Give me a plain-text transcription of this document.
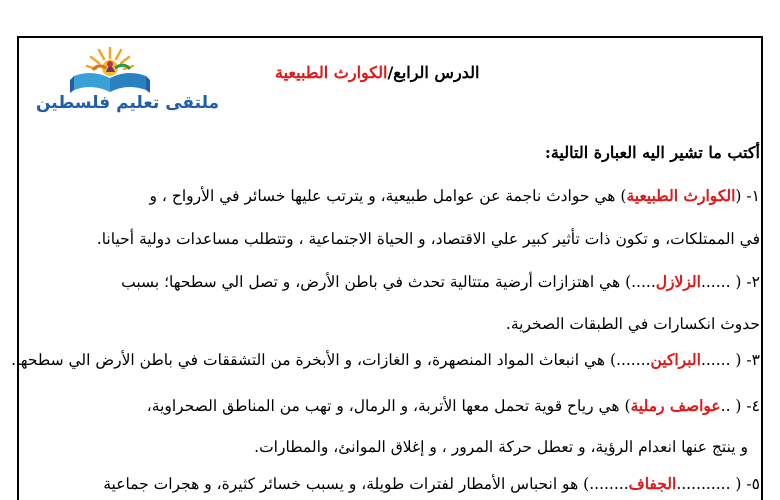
ملتقى تعليم فلسطين
الدرس الرابع/الكوارث الطبيعية
أكتب ما تشير اليه العبارة التالية:
١- (الكوارث الطبيعية) هي حوادث ناجمة عن عوامل طبيعية، و يترتب عليها خسائر في الأرواح ، و
في الممتلكات، و تكون ذات تأثير كبير علي الاقتصاد، و الحياة الاجتماعية ، وتتطلب مساعدات دولية أحيانا.
٢- ( ......الزلازل.....) هي اهتزازات أرضية متتالية تحدث في باطن الأرض، و تصل الي سطحها؛ بسبب
حدوث انكسارات في الطبقات الصخرية.
٣- ( ......البراكين.......) هي انبعاث المواد المنصهرة، و الغازات، و الأبخرة من التشققات في باطن الأرض الي سطحها.
٤- ( ..عواصف رملية) هي رياح قوية تحمل معها الأتربة، و الرمال، و تهب من المناطق الصحراوية،
و ينتج عنها انعدام الرؤية، و تعطل حركة المرور ، و إغلاق الموانئ، والمطارات.
٥- ( ...........الجفاف........) هو انحباس الأمطار لفترات طويلة، و يسبب خسائر كثيرة، و هجرات جماعية
